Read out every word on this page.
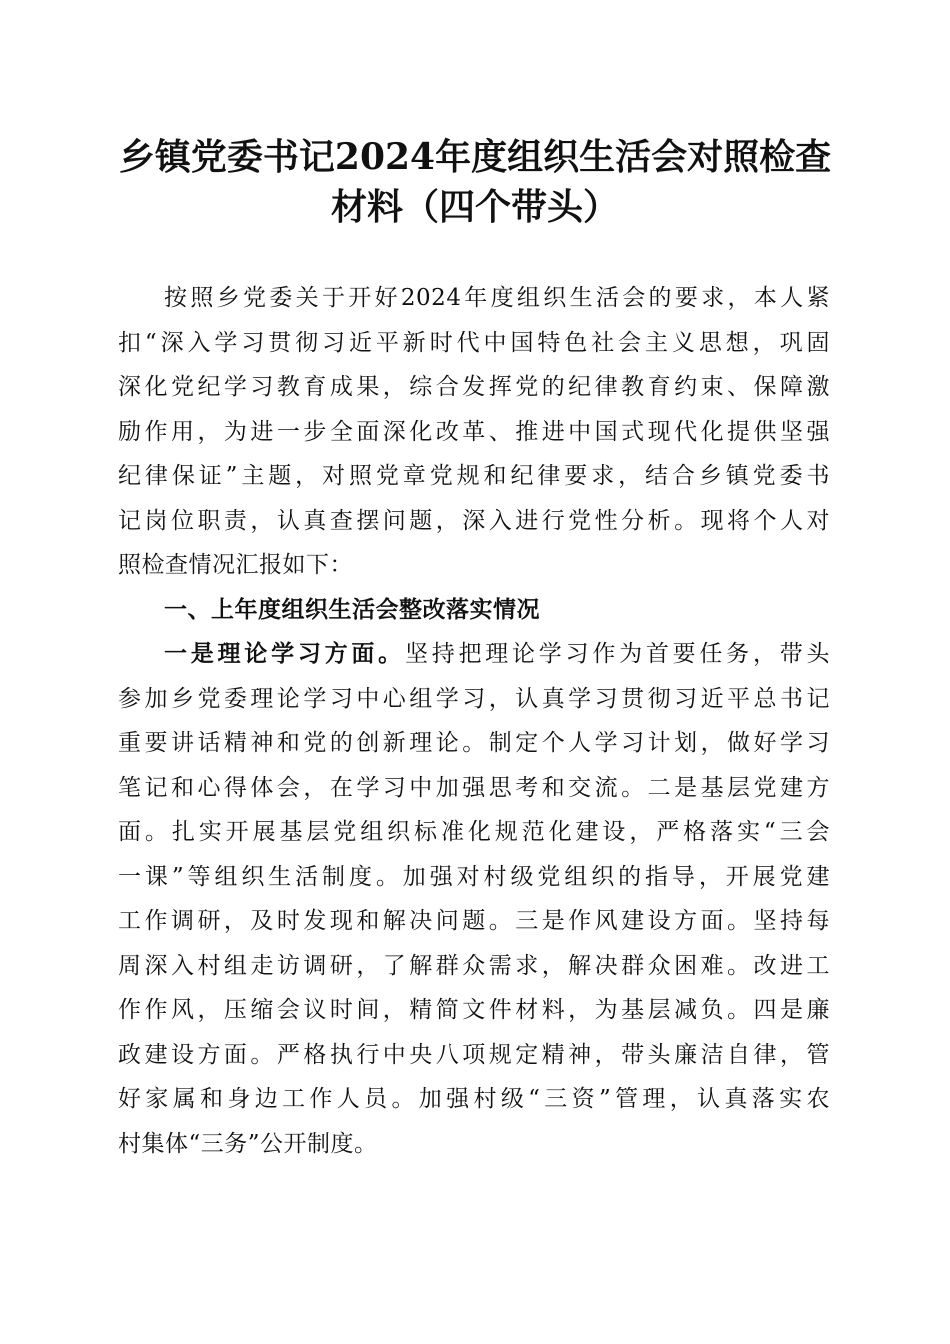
乡镇党委书记2024年度组织生活会对照检查
材料（四个带头）
按照乡党委关于开好2024年度组织生活会的要求，本人紧
扣“深入学习贯彻习近平新时代中国特色社会主义思想，巩固
深化党纪学习教育成果，综合发挥党的纪律教育约束、保障激
励作用，为进一步全面深化改革、推进中国式现代化提供坚强
纪律保证”主题，对照党章党规和纪律要求，结合乡镇党委书
记岗位职责，认真查摆问题，深入进行党性分析。现将个人对
照检查情况汇报如下：
一、上年度组织生活会整改落实情况
一是理论学习方面。坚持把理论学习作为首要任务，带头
参加乡党委理论学习中心组学习，认真学习贯彻习近平总书记
重要讲话精神和党的创新理论。制定个人学习计划，做好学习
笔记和心得体会，在学习中加强思考和交流。二是基层党建方
面。扎实开展基层党组织标准化规范化建设，严格落实“三会
一课”等组织生活制度。加强对村级党组织的指导，开展党建
工作调研，及时发现和解决问题。三是作风建设方面。坚持每
周深入村组走访调研，了解群众需求，解决群众困难。改进工
作作风，压缩会议时间，精简文件材料，为基层减负。四是廉
政建设方面。严格执行中央八项规定精神，带头廉洁自律，管
好家属和身边工作人员。加强村级“三资”管理，认真落实农
村集体“三务”公开制度。
